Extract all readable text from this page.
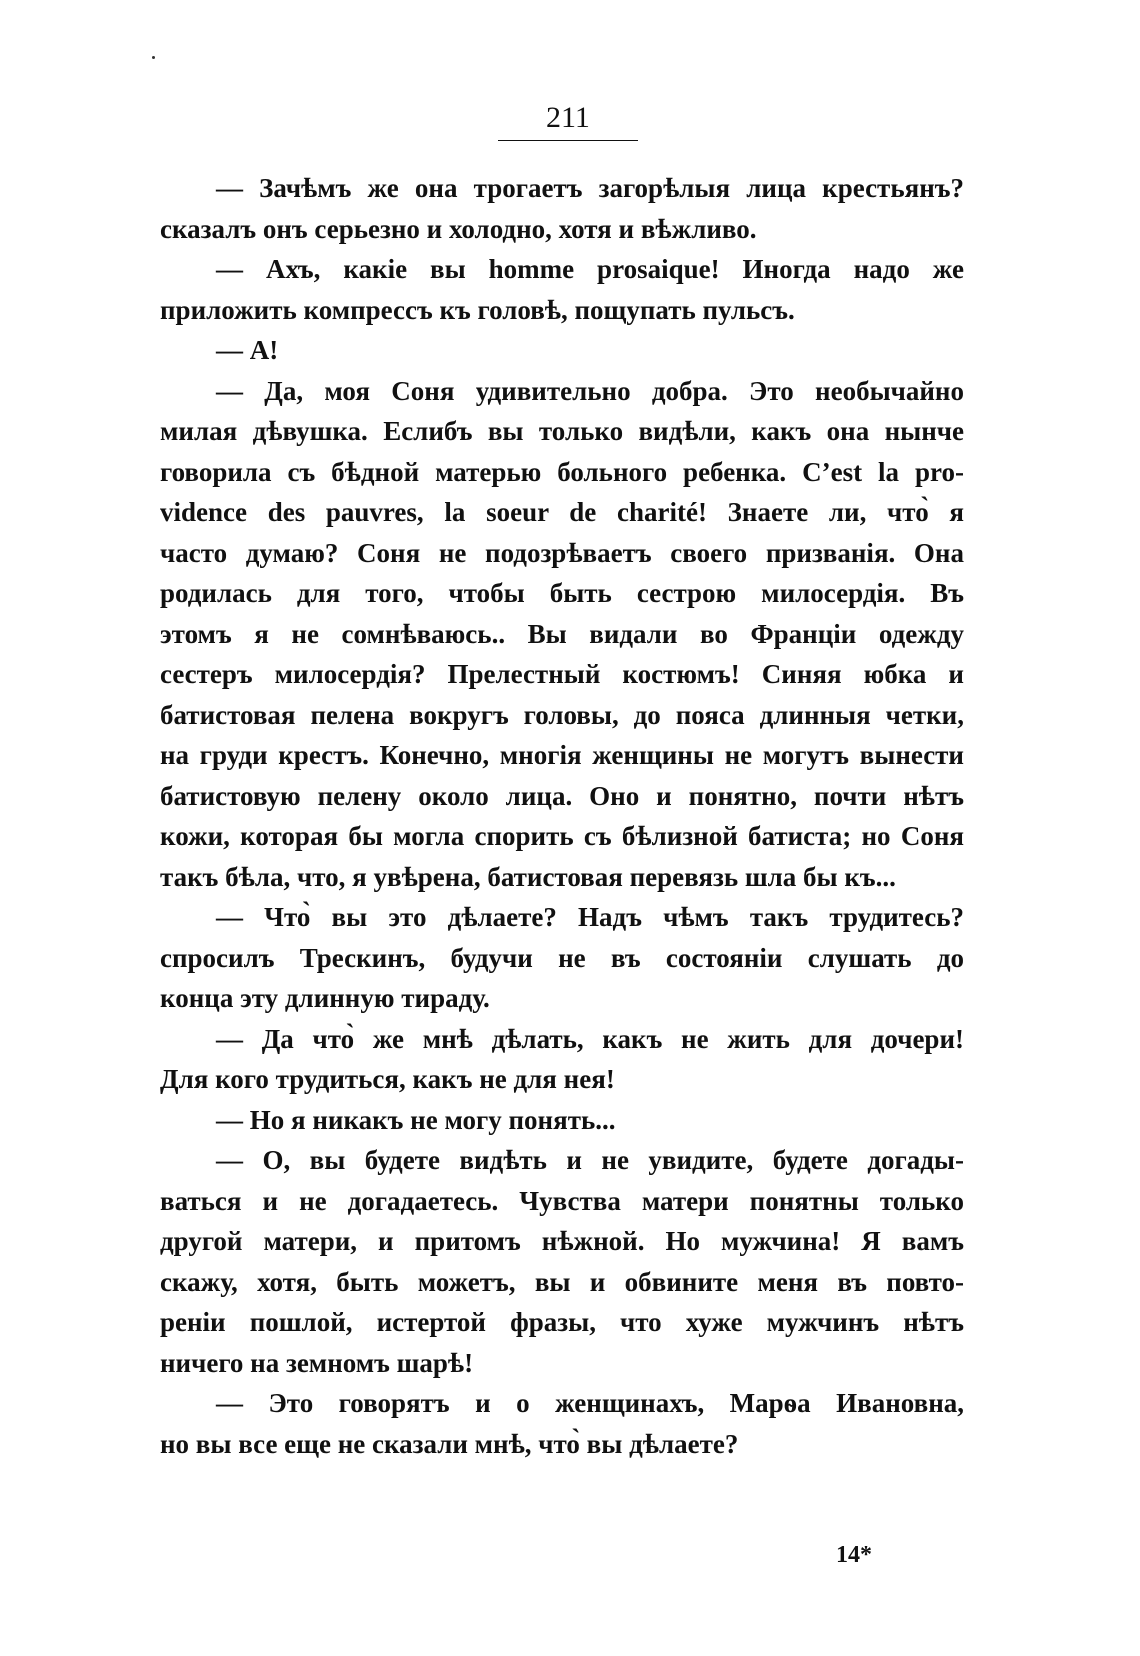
211

— Зачѣмъ же она трогаетъ загорѣлыя лица крестьянъ?
сказалъ онъ серьезно и холодно, хотя и вѣжливо.

— Ахъ, какіе вы homme prosaique! Иногда надо же
приложить компрессъ къ головѣ, пощупать пульсъ.

— А!

— Да, моя Соня удивительно добра. Это необычайно
милая дѣвушка. Еслибъ вы только видѣли, какъ она нынче
говорила съ бѣдной матерью больного ребенка. C’est la pro-
vidence des pauvres, la soeur de charité! Знаете ли, что̀ я
часто думаю? Соня не подозрѣваетъ своего призванія. Она
родилась для того, чтобы быть сестрою милосердія. Въ
этомъ я не сомнѣваюсь.. Вы видали во Франціи одежду
сестеръ милосердія? Прелестный костюмъ! Синяя юбка и
батистовая пелена вокругъ головы, до пояса длинныя четки,
на груди крестъ. Конечно, многія женщины не могутъ вынести
батистовую пелену около лица. Оно и понятно, почти нѣтъ
кожи, которая бы могла спорить съ бѣлизной батиста; но Соня
такъ бѣла, что, я увѣрена, батистовая перевязь шла бы къ...

— Что̀ вы это дѣлаете? Надъ чѣмъ такъ трудитесь?
спросилъ Трескинъ, будучи не въ состояніи слушать до
конца эту длинную тираду.

— Да что̀ же мнѣ дѣлать, какъ не жить для дочери!
Для кого трудиться, какъ не для нея!

— Но я никакъ не могу понять...

— О, вы будете видѣть и не увидите, будете догады-
ваться и не догадаетесь. Чувства матери понятны только
другой матери, и притомъ нѣжной. Но мужчина! Я вамъ
скажу, хотя, быть можетъ, вы и обвините меня въ повто-
реніи пошлой, истертой фразы, что хуже мужчинъ нѣтъ
ничего на земномъ шарѣ!

— Это говорятъ и о женщинахъ, Марѳа Ивановна,
но вы все еще не сказали мнѣ, что̀ вы дѣлаете?

14*
